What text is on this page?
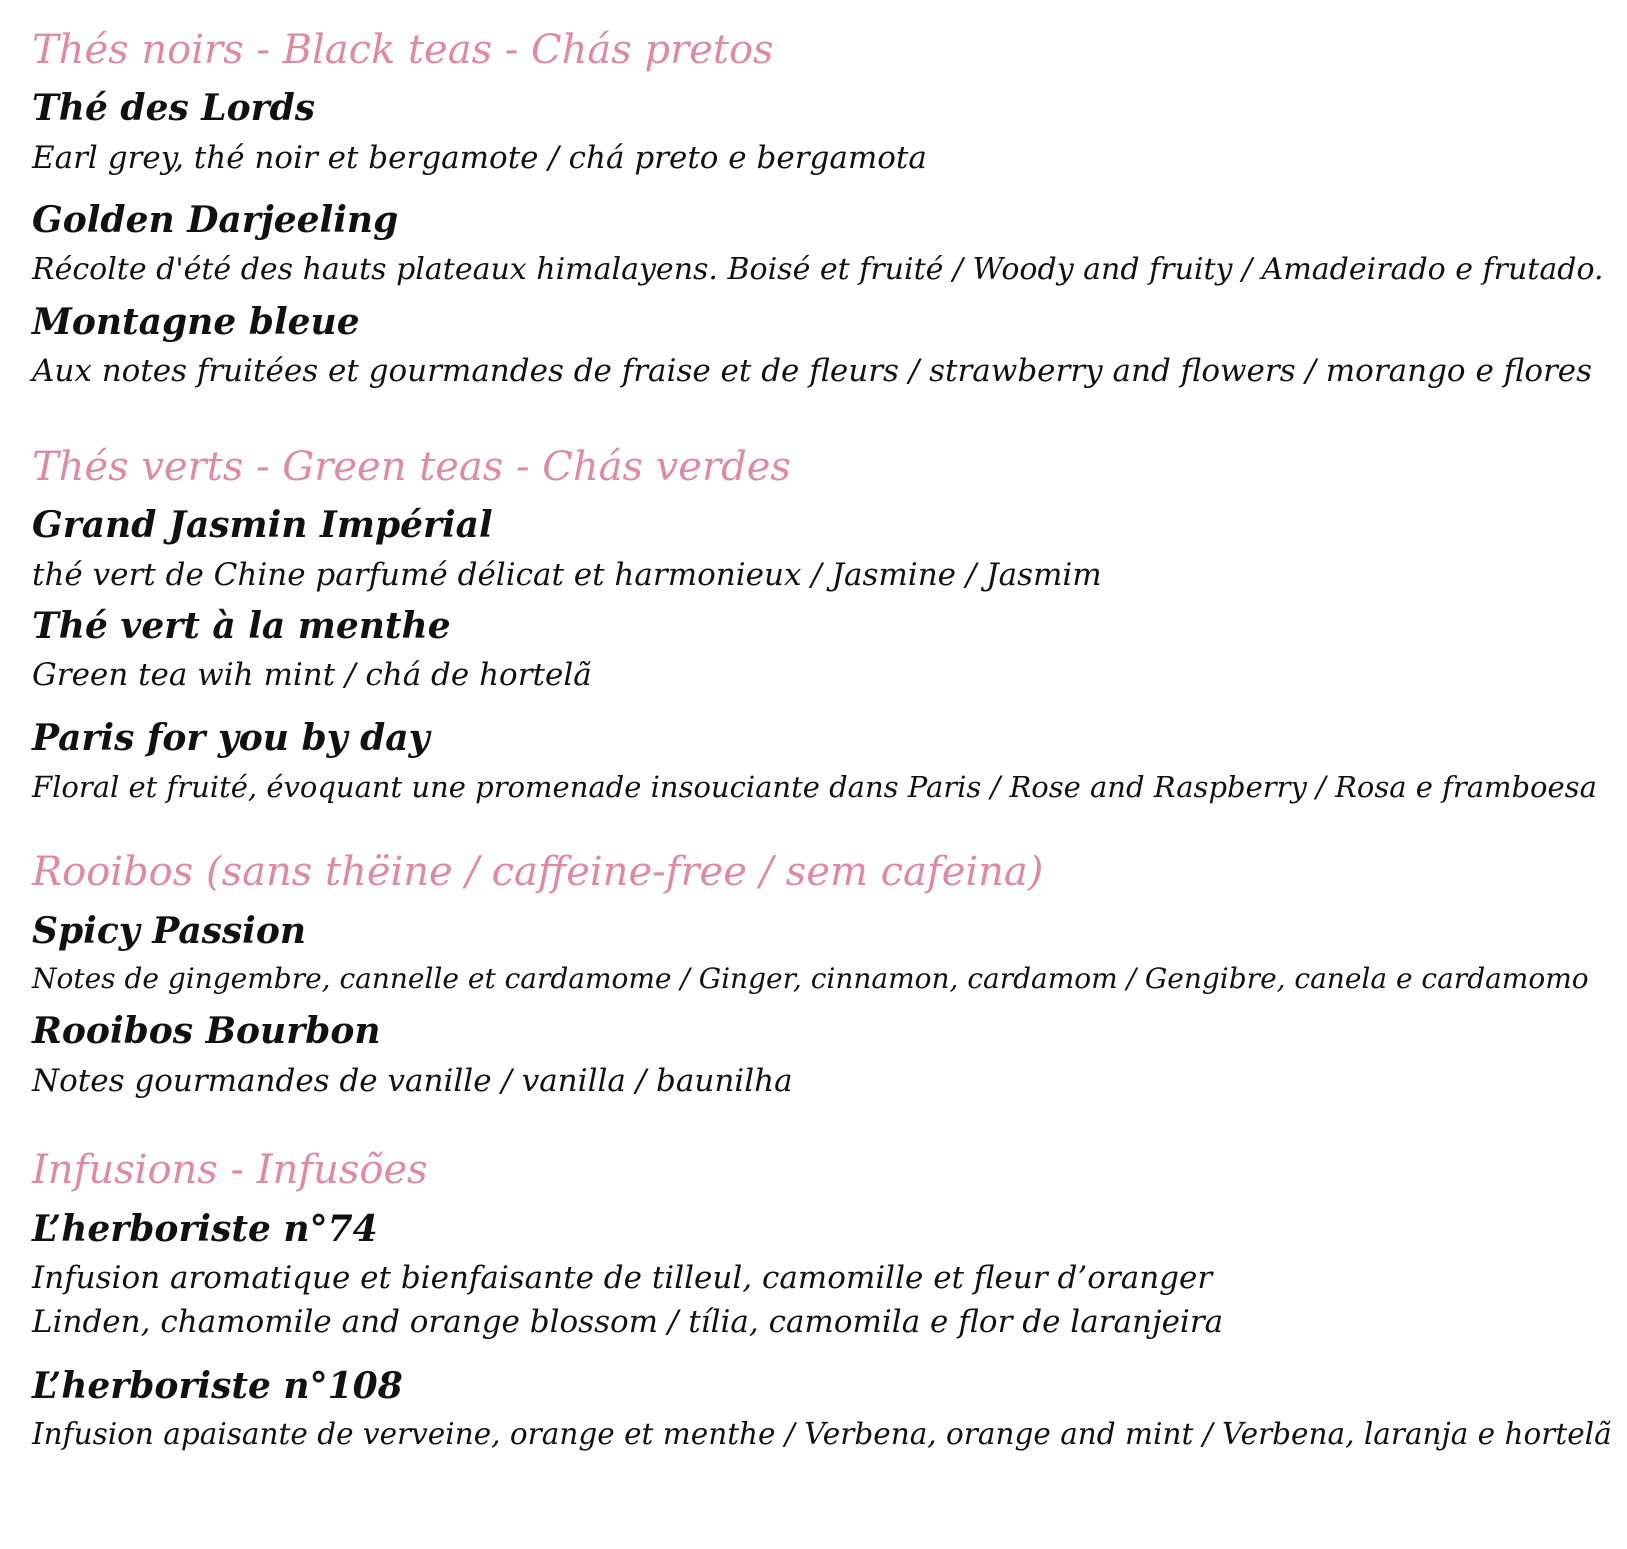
Thés noirs - Black teas - Chás pretos
Thé des Lords
Earl grey, thé noir et bergamote / chá preto e bergamota
Golden Darjeeling
Récolte d'été des hauts plateaux himalayens. Boisé et fruité / Woody and fruity / Amadeirado e frutado.
Montagne bleue
Aux notes fruitées et gourmandes de fraise et de fleurs / strawberry and flowers / morango e flores
Thés verts - Green teas - Chás verdes
Grand Jasmin Impérial
thé vert de Chine parfumé délicat et harmonieux / Jasmine / Jasmim
Thé vert à la menthe
Green tea wih mint / chá de hortelã
Paris for you by day
Floral et fruité, évoquant une promenade insouciante dans Paris / Rose and Raspberry / Rosa e framboesa
Rooibos (sans thëine / caffeine-free / sem cafeina)
Spicy Passion
Notes de gingembre, cannelle et cardamome / Ginger, cinnamon, cardamom / Gengibre, canela e cardamomo
Rooibos Bourbon
Notes gourmandes de vanille / vanilla / baunilha
Infusions - Infusões
L’herboriste n°74
Infusion aromatique et bienfaisante de tilleul, camomille et fleur d’oranger
Linden, chamomile and orange blossom / tília, camomila e flor de laranjeira
L’herboriste n°108
Infusion apaisante de verveine, orange et menthe / Verbena, orange and mint / Verbena, laranja e hortelã
